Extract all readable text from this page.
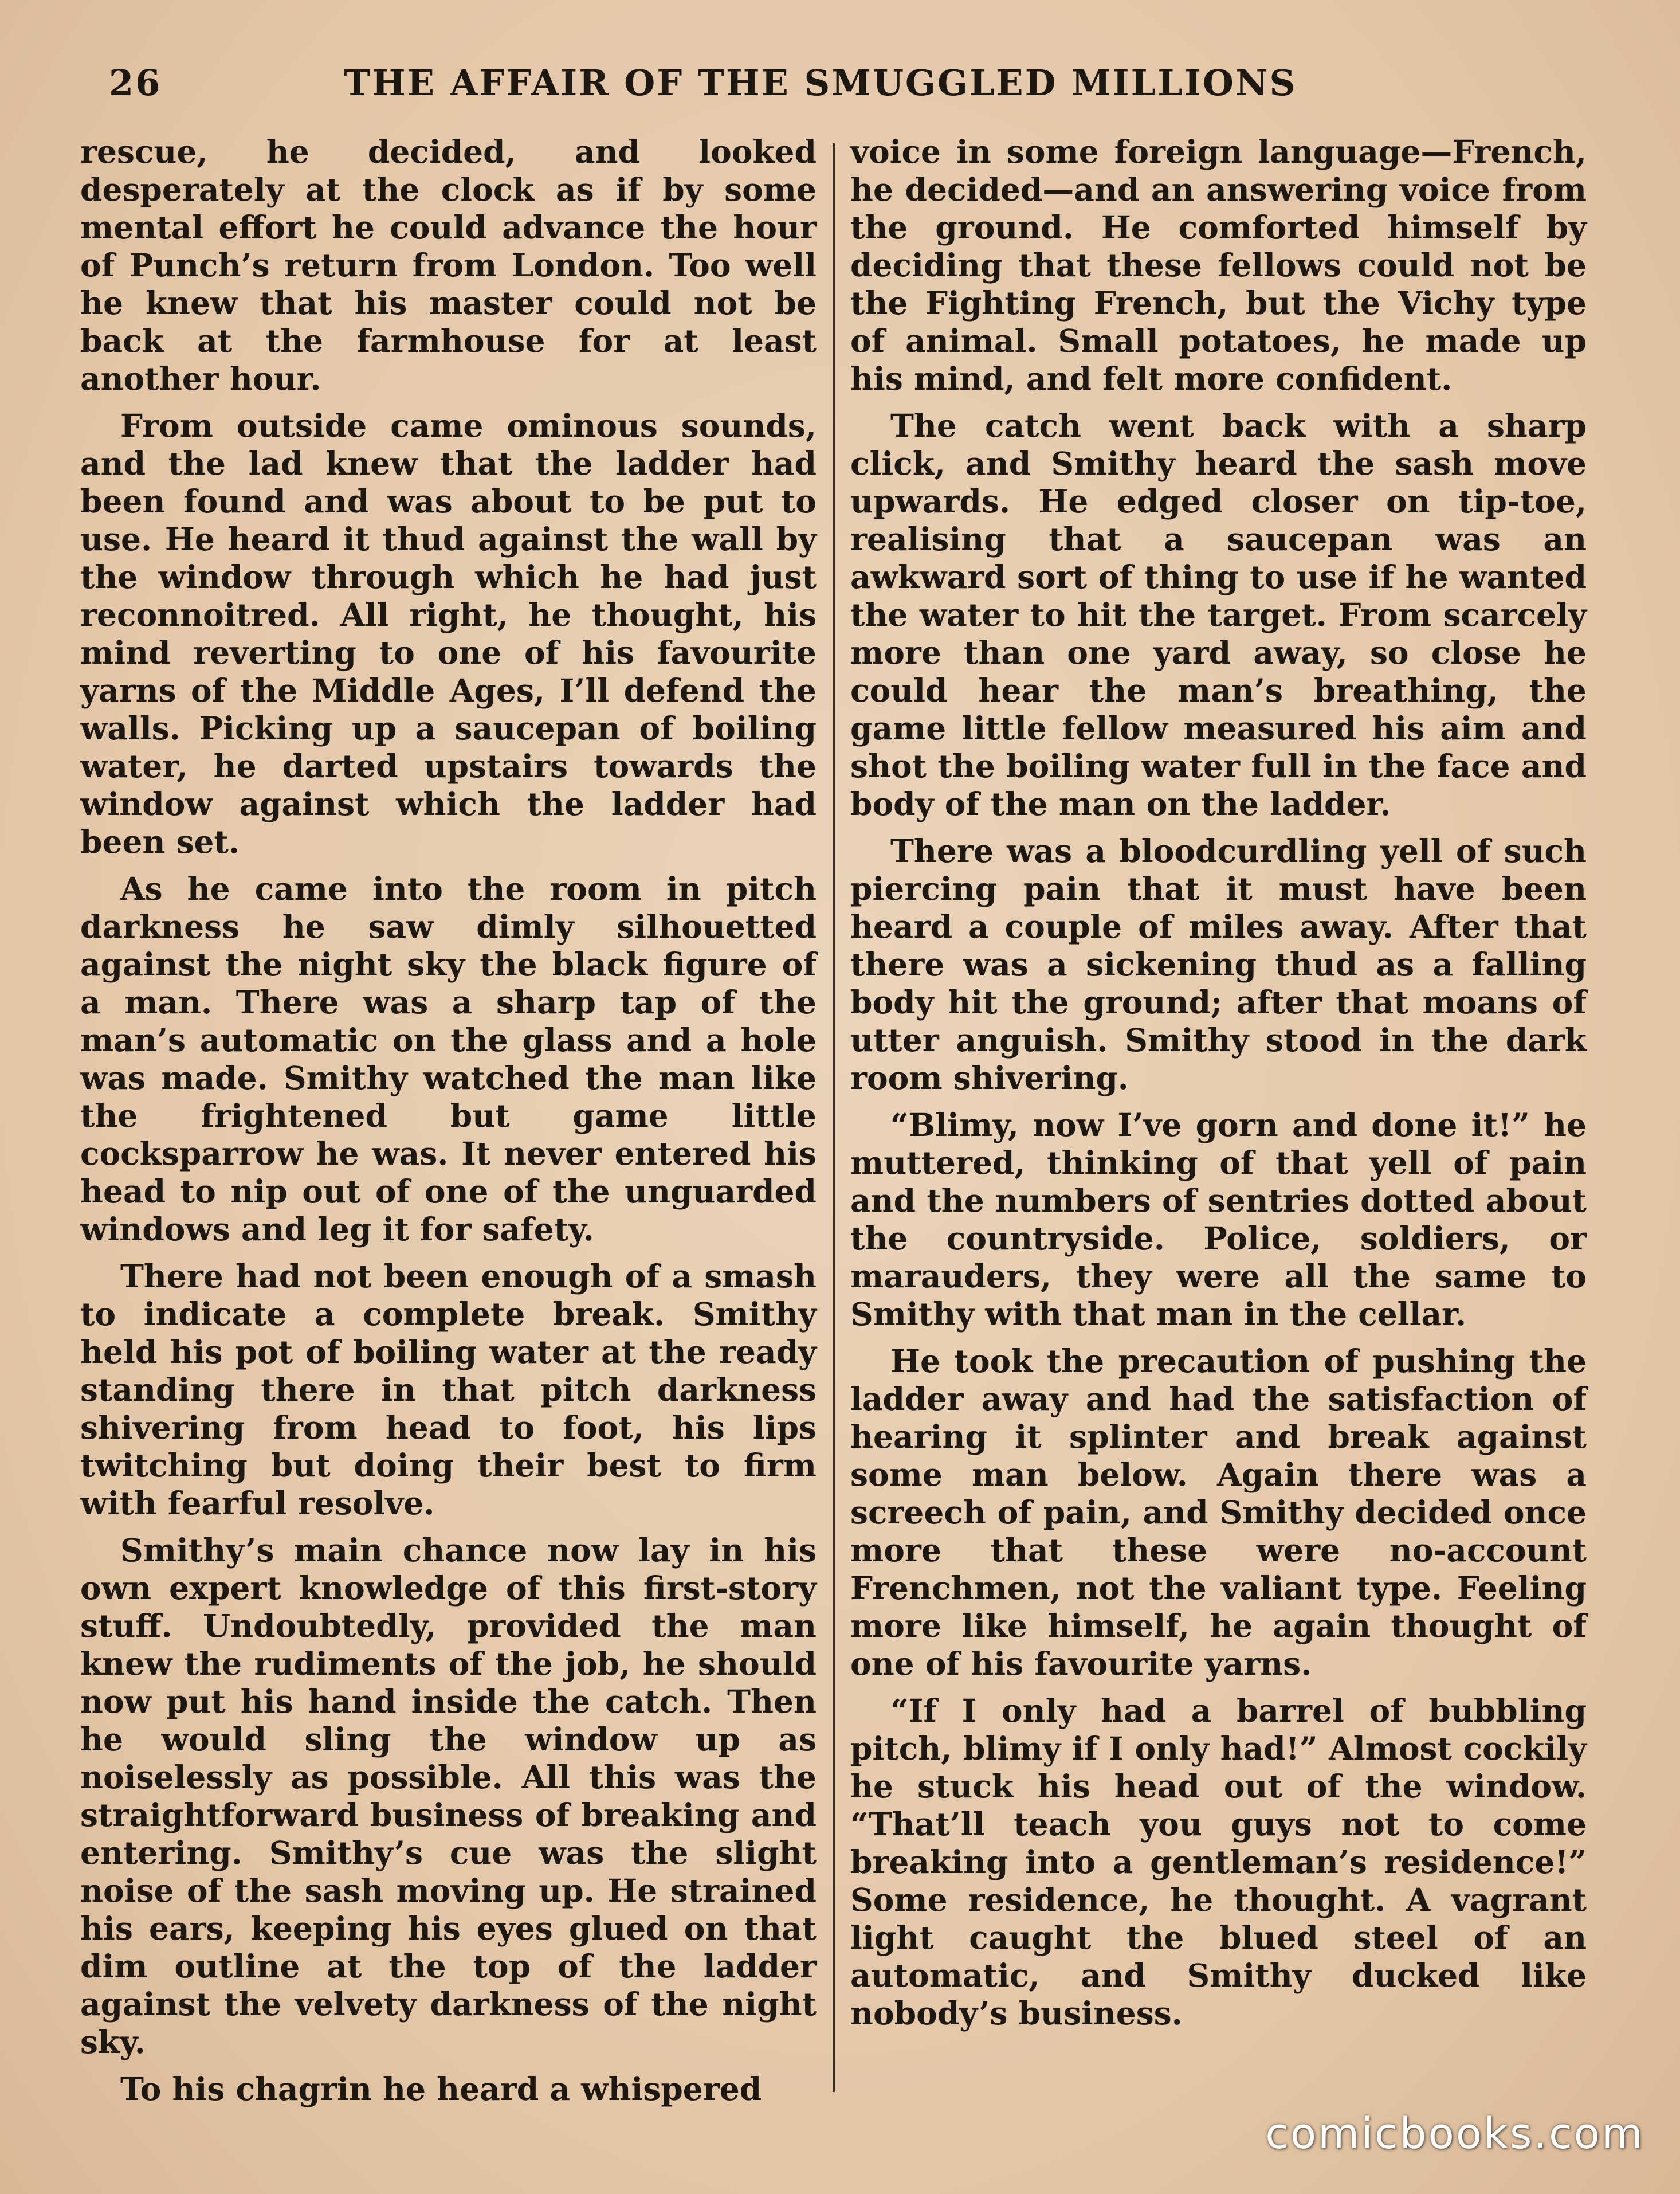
26	THE AFFAIR OF THE SMUGGLED MILLIONS

rescue, he decided, and looked desperately at the clock as if by some mental effort he could advance the hour of Punch’s return from London. Too well he knew that his master could not be back at the farmhouse for at least another hour.

From outside came ominous sounds, and the lad knew that the ladder had been found and was about to be put to use. He heard it thud against the wall by the window through which he had just reconnoitred. All right, he thought, his mind reverting to one of his favourite yarns of the Middle Ages, I’ll defend the walls. Picking up a saucepan of boiling water, he darted upstairs towards the window against which the ladder had been set.

As he came into the room in pitch darkness he saw dimly silhouetted against the night sky the black figure of a man. There was a sharp tap of the man’s automatic on the glass and a hole was made. Smithy watched the man like the frightened but game little cocksparrow he was. It never entered his head to nip out of one of the unguarded windows and leg it for safety.

There had not been enough of a smash to indicate a complete break. Smithy held his pot of boiling water at the ready standing there in that pitch darkness shivering from head to foot, his lips twitching but doing their best to firm with fearful resolve.

Smithy’s main chance now lay in his own expert knowledge of this first-story stuff. Undoubtedly, provided the man knew the rudiments of the job, he should now put his hand inside the catch. Then he would sling the window up as noiselessly as possible. All this was the straightforward business of breaking and entering. Smithy’s cue was the slight noise of the sash moving up. He strained his ears, keeping his eyes glued on that dim outline at the top of the ladder against the velvety darkness of the night sky.

To his chagrin he heard a whispered

voice in some foreign language—French, he decided—and an answering voice from the ground. He comforted himself by deciding that these fellows could not be the Fighting French, but the Vichy type of animal. Small potatoes, he made up his mind, and felt more confident.

The catch went back with a sharp click, and Smithy heard the sash move upwards. He edged closer on tip-toe, realising that a saucepan was an awkward sort of thing to use if he wanted the water to hit the target. From scarcely more than one yard away, so close he could hear the man’s breathing, the game little fellow measured his aim and shot the boiling water full in the face and body of the man on the ladder.

There was a bloodcurdling yell of such piercing pain that it must have been heard a couple of miles away. After that there was a sickening thud as a falling body hit the ground; after that moans of utter anguish. Smithy stood in the dark room shivering.

“Blimy, now I’ve gorn and done it!” he muttered, thinking of that yell of pain and the numbers of sentries dotted about the countryside. Police, soldiers, or marauders, they were all the same to Smithy with that man in the cellar.

He took the precaution of pushing the ladder away and had the satisfaction of hearing it splinter and break against some man below. Again there was a screech of pain, and Smithy decided once more that these were no-account Frenchmen, not the valiant type. Feeling more like himself, he again thought of one of his favourite yarns.

“If I only had a barrel of bubbling pitch, blimy if I only had!” Almost cockily he stuck his head out of the window. “That’ll teach you guys not to come breaking into a gentleman’s residence!” Some residence, he thought. A vagrant light caught the blued steel of an automatic, and Smithy ducked like nobody’s business.

comicbooks.com
